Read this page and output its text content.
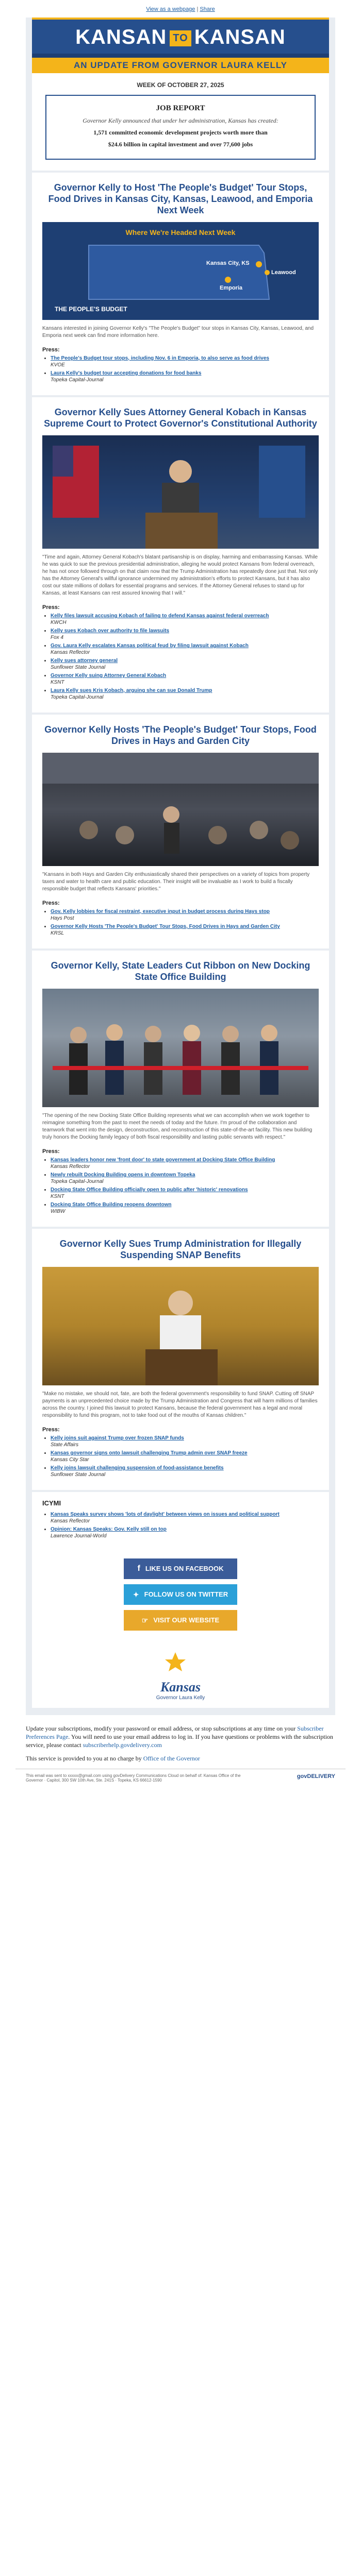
View as a webpage | Share
KANSAN TO KANSAN
AN UPDATE FROM GOVERNOR LAURA KELLY
WEEK OF OCTOBER 27, 2025
JOB REPORT

Governor Kelly announced that under her administration, Kansas has created:

1,571 committed economic development projects worth more than

$24.6 billion in capital investment and over 77,600 jobs

Governor Kelly to Host 'The People's Budget' Tour Stops, Food Drives in Kansas City, Kansas, Leawood, and Emporia Next Week
Where We're Headed Next Week
Kansas City, KS
Leawood
Emporia
THE PEOPLE'S BUDGET
Kansans interested in joining Governor Kelly's "The People's Budget" tour stops in Kansas City, Kansas, Leawood, and Emporia next week can find more information here.
Press:
• The People's Budget tour stops, including Nov. 6 in Emporia, to also serve as food drives
KVOE
• Laura Kelly's budget tour accepting donations for food banks
Topeka Capital-Journal
Governor Kelly Sues Attorney General Kobach in Kansas Supreme Court to Protect Governor's Constitutional Authority
"Time and again, Attorney General Kobach's blatant partisanship is on display, harming and embarrassing Kansas. While he was quick to sue the previous presidential administration, alleging he would protect Kansans from federal overreach, he has not once followed through on that claim now that the Trump Administration has repeatedly done just that. Not only has the Attorney General's willful ignorance undermined my administration's efforts to protect Kansans, but it has also cost our state millions of dollars for essential programs and services. If the Attorney General refuses to stand up for Kansas, at least Kansans can rest assured knowing that I will."
Press:
• Kelly files lawsuit accusing Kobach of failing to defend Kansas against federal overreach
KWCH
• Kelly sues Kobach over authority to file lawsuits
Fox 4
• Gov. Laura Kelly escalates Kansas political feud by filing lawsuit against Kobach
Kansas Reflector
• Kelly sues attorney general
Sunflower State Journal
• Governor Kelly suing Attorney General Kobach
KSNT
• Laura Kelly sues Kris Kobach, arguing she can sue Donald Trump
Topeka Capital-Journal
Governor Kelly Hosts 'The People's Budget' Tour Stops, Food Drives in Hays and Garden City
"Kansans in both Hays and Garden City enthusiastically shared their perspectives on a variety of topics from property taxes and water to health care and public education. Their insight will be invaluable as I work to build a fiscally responsible budget that reflects Kansans' priorities."
Press:
• Gov. Kelly lobbies for fiscal restraint, executive input in budget process during Hays stop
Hays Post
• Governor Kelly Hosts 'The People's Budget' Tour Stops, Food Drives in Hays and Garden City
KRSL
Governor Kelly, State Leaders Cut Ribbon on New Docking State Office Building
"The opening of the new Docking State Office Building represents what we can accomplish when we work together to reimagine something from the past to meet the needs of today and the future. I'm proud of the collaboration and teamwork that went into the design, deconstruction, and reconstruction of this state-of-the-art facility. This new building truly honors the Docking family legacy of both fiscal responsibility and lasting public servants with respect."
Press:
• Kansas leaders honor new 'front door' to state government at Docking State Office Building
Kansas Reflector
• Newly rebuilt Docking Building opens in downtown Topeka
Topeka Capital-Journal
• Docking State Office Building officially open to public after 'historic' renovations
KSNT
• Docking State Office Building reopens downtown
WIBW
Governor Kelly Sues Trump Administration for Illegally Suspending SNAP Benefits
"Make no mistake, we should not, fate, are both the federal government's responsibility to fund SNAP. Cutting off SNAP payments is an unprecedented choice made by the Trump Administration and Congress that will harm millions of families across the country. I joined this lawsuit to protect Kansans, because the federal government has a legal and moral responsibility to fund this program, not to take food out of the mouths of Kansas children."
Press:
• Kelly joins suit against Trump over frozen SNAP funds
State Affairs
• Kansas governor signs onto lawsuit challenging Trump admin over SNAP freeze
Kansas City Star
• Kelly joins lawsuit challenging suspension of food-assistance benefits
Sunflower State Journal
ICYMI
• Kansas Speaks survey shows 'lots of daylight' between views on issues and political support
Kansas Reflector
• Opinion: Kansas Speaks: Gov. Kelly still on top
Lawrence Journal-World
f LIKE US ON FACEBOOK
✦ FOLLOW US ON TWITTER
☞ VISIT OUR WEBSITE
Kansas
Governor Laura Kelly
Update your subscriptions, modify your password or email address, or stop subscriptions at any time on your Subscriber Preferences Page. You will need to use your email address to log in. If you have questions or problems with the subscription service, please contact subscriberhelp.govdelivery.com
This service is provided to you at no charge by Office of the Governor
This email was sent to xxxxx@gmail.com using govDelivery Communications Cloud on behalf of: Kansas Office of the Governor · Capitol, 300 SW 10th Ave, Ste. 241S · Topeka, KS 66612-1590
govDELIVERY
